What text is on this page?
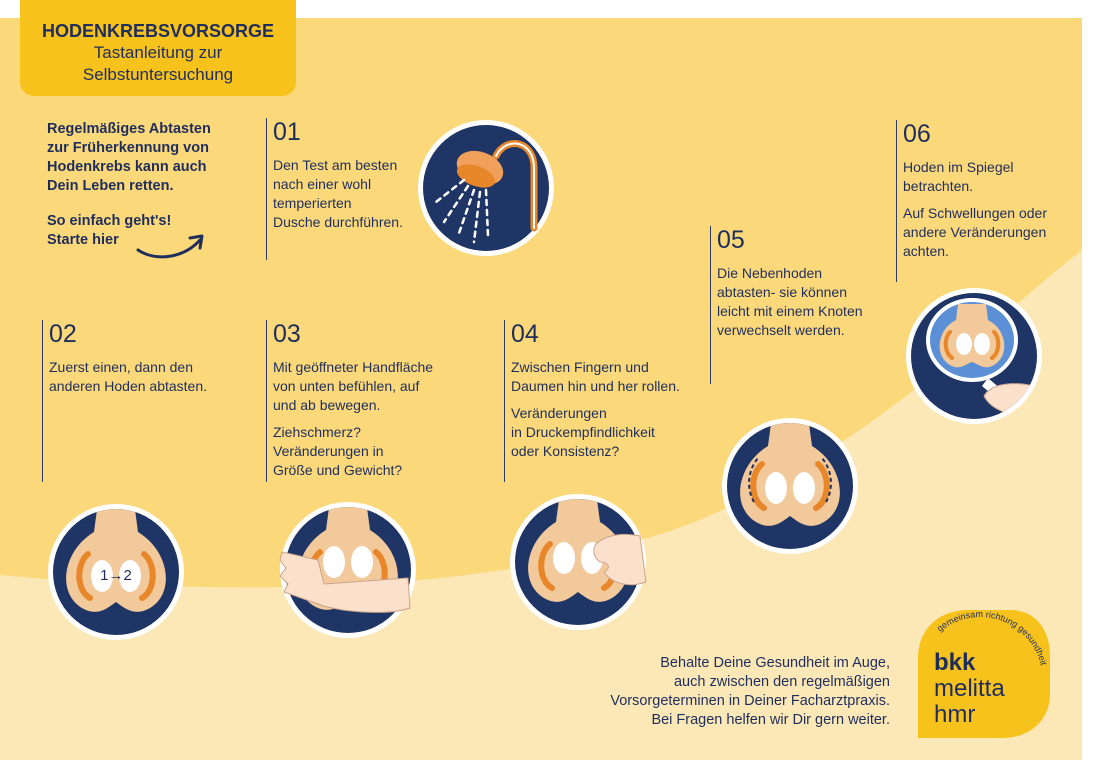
HODENKREBSVORSORGE
Tastanleitung zur
Selbstuntersuchung

Regelmäßiges Abtasten
zur Früherkennung von
Hodenkrebs kann auch
Dein Leben retten.

So einfach geht's!
Starte hier

01
Den Test am besten
nach einer wohl
temperierten
Dusche durchführen.
02
Zuerst einen, dann den
anderen Hoden abtasten.
1→2
03

Mit geöffneter Handfläche
von unten befühlen, auf
und ab bewegen.

Ziehschmerz?
Veränderungen in
Größe und Gewicht?

04

Zwischen Fingern und
Daumen hin und her rollen.

Veränderungen
in Druckempfindlichkeit
oder Konsistenz?

05
Die Nebenhoden
abtasten- sie können
leicht mit einem Knoten
verwechselt werden.
06

Hoden im Spiegel
betrachten.

Auf Schwellungen oder
andere Veränderungen
achten.

Behalte Deine Gesundheit im Auge,
auch zwischen den regelmäßigen
Vorsorgeterminen in Deiner Facharztpraxis.
Bei Fragen helfen wir Dir gern weiter.
gemeinsam richtung gesundheit
bkk
melitta
hmr
